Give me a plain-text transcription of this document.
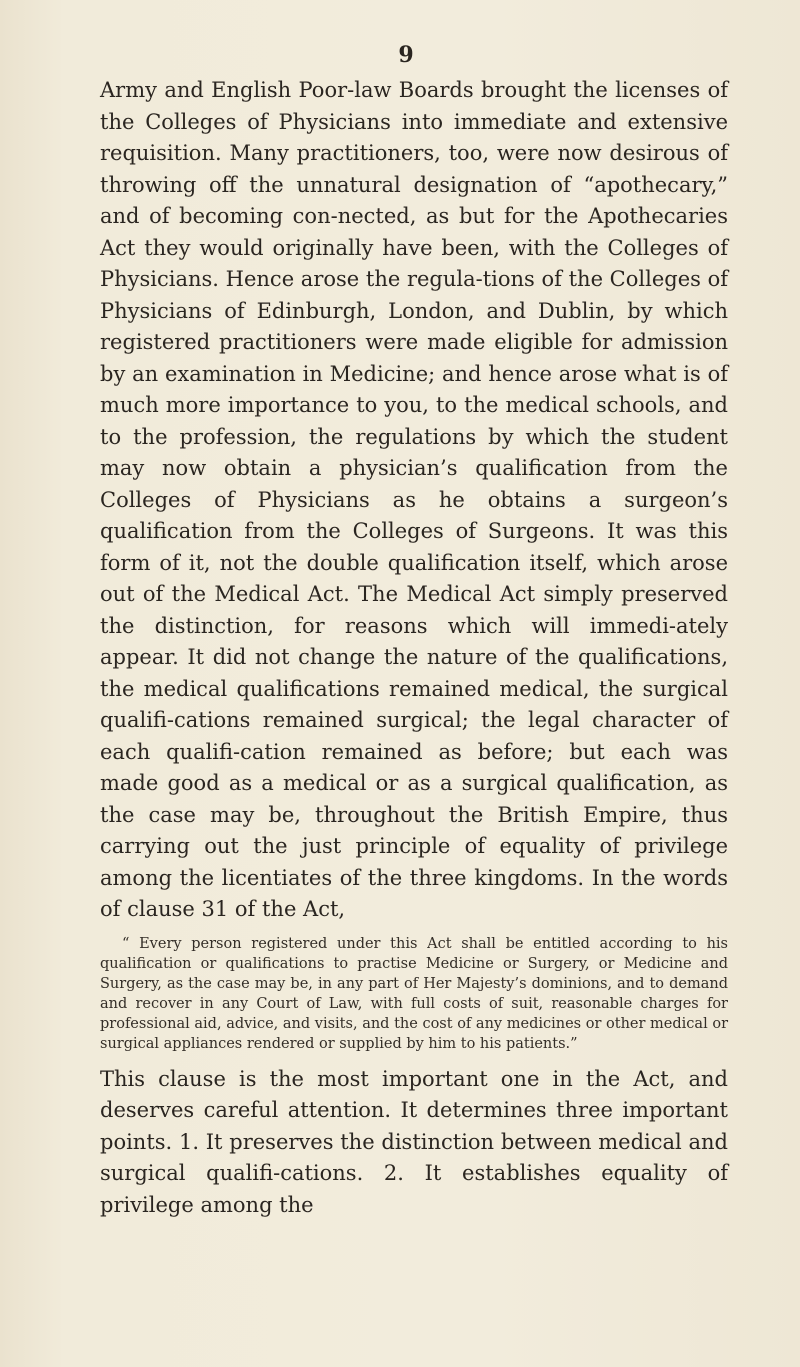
9

Army and English Poor-law Boards brought the licenses of the Colleges of Physicians into immediate and extensive requisition. Many practitioners, too, were now desirous of throwing off the unnatural designation of “apothecary,” and of becoming con-nected, as but for the Apothecaries Act they would originally have been, with the Colleges of Physicians. Hence arose the regula-tions of the Colleges of Physicians of Edinburgh, London, and Dublin, by which registered practitioners were made eligible for admission by an examination in Medicine; and hence arose what is of much more importance to you, to the medical schools, and to the profession, the regulations by which the student may now obtain a physician’s qualification from the Colleges of Physicians as he obtains a surgeon’s qualification from the Colleges of Surgeons. It was this form of it, not the double qualification itself, which arose out of the Medical Act. The Medical Act simply preserved the distinction, for reasons which will immedi-ately appear. It did not change the nature of the qualifications, the medical qualifications remained medical, the surgical qualifi-cations remained surgical; the legal character of each qualifi-cation remained as before; but each was made good as a medical or as a surgical qualification, as the case may be, throughout the British Empire, thus carrying out the just principle of equality of privilege among the licentiates of the three kingdoms. In the words of clause 31 of the Act,

“ Every person registered under this Act shall be entitled according to his qualification or qualifications to practise Medicine or Surgery, or Medicine and Surgery, as the case may be, in any part of Her Majesty’s dominions, and to demand and recover in any Court of Law, with full costs of suit, reasonable charges for professional aid, advice, and visits, and the cost of any medicines or other medical or surgical appliances rendered or supplied by him to his patients.”

This clause is the most important one in the Act, and deserves careful attention. It determines three important points. 1. It preserves the distinction between medical and surgical qualifi-cations. 2. It establishes equality of privilege among the
